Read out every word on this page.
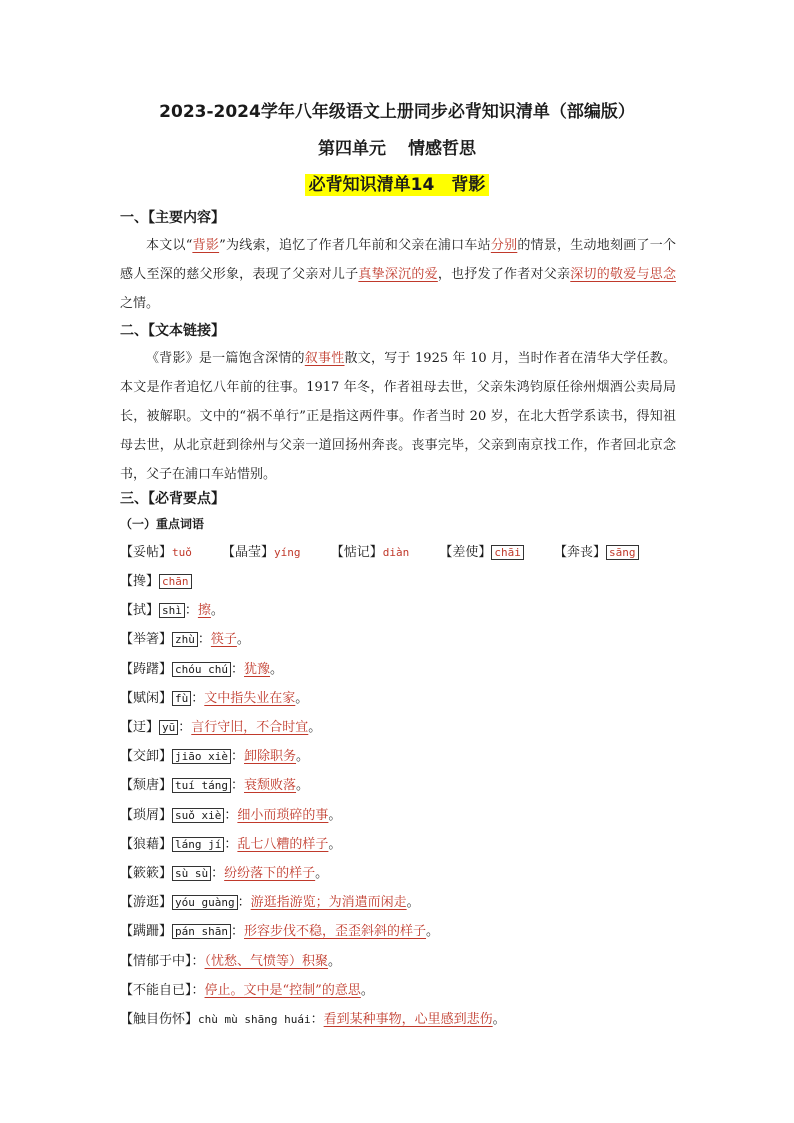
2023-2024学年八年级语文上册同步必背知识清单（部编版）
第四单元 情感哲思
必背知识清单14　背影
一、【主要内容】
本文以“背影”为线索，追忆了作者几年前和父亲在浦口车站分别的情景，生动地刻画了一个感人至深的慈父形象，表现了父亲对儿子真挚深沉的爱，也抒发了作者对父亲深切的敬爱与思念之情。
二、【文本链接】
《背影》是一篇饱含深情的叙事性散文，写于 1925 年 10 月，当时作者在清华大学任教。本文是作者追忆八年前的往事。1917 年冬，作者祖母去世，父亲朱鸿钧原任徐州烟酒公卖局局长，被解职。文中的“祸不单行”正是指这两件事。作者当时 20 岁，在北大哲学系读书，得知祖母去世，从北京赶到徐州与父亲一道回扬州奔丧。丧事完毕，父亲到南京找工作，作者回北京念书，父子在浦口车站惜别。
三、【必背要点】
（一）重点词语
【妥帖】tuǒ 【晶莹】yíng 【惦记】diàn 【差使】 chāi	【奔丧】 sāng
【搀】 chān
【拭】 shì ：擦。
【举箸】 zhù ：筷子。
【踌躇】 chóu chú ：犹豫。
【赋闲】 fù ：文中指失业在家。
【迂】 yū ：言行守旧，不合时宜。
【交卸】 jiāo xiè ：卸除职务。
【颓唐】 tuí táng ：衰颓败落。
【琐屑】 suǒ xiè ：细小而琐碎的事。
【狼藉】 láng jí ：乱七八糟的样子。
【簌簌】 sù sù ：纷纷落下的样子。
【游逛】 yóu guàng ：游逛指游览；为消遣而闲走。
【蹒跚】 pán shān ：形容步伐不稳，歪歪斜斜的样子。
【情郁于中】：（忧愁、气愤等）积聚。
【不能自已】：停止。文中是“控制”的意思。
【触目伤怀】chù mù shāng huái：看到某种事物，心里感到悲伤。
